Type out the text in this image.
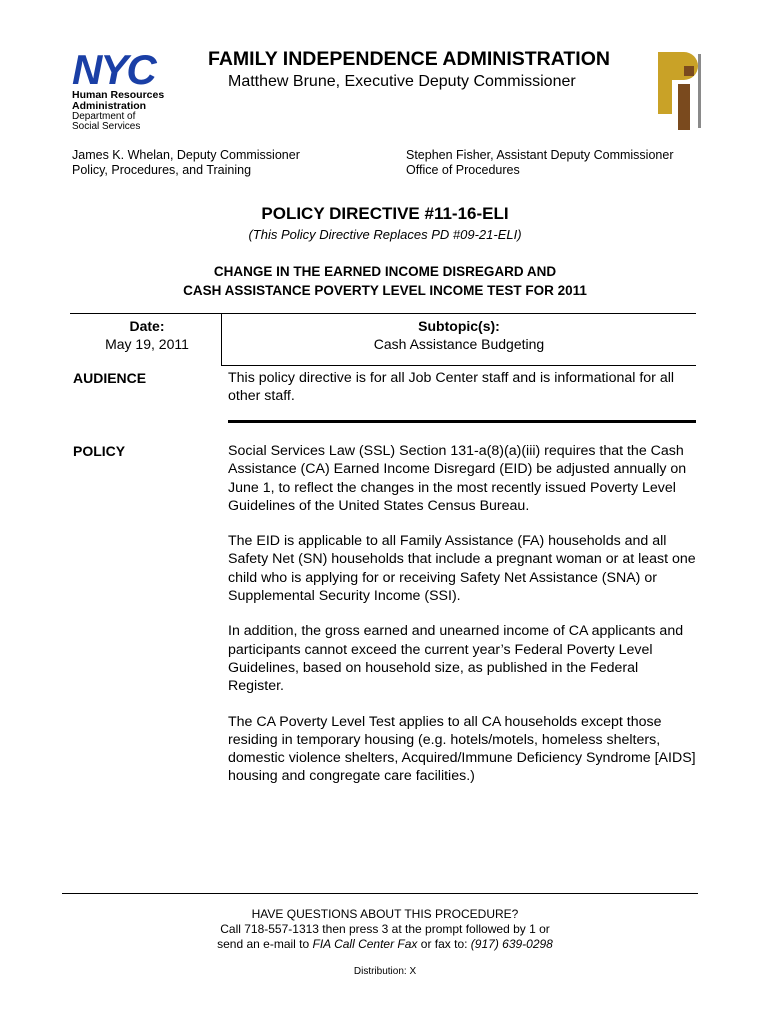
NYC
Human Resources
Administration
Department of
Social Services
FAMILY INDEPENDENCE ADMINISTRATION
Matthew Brune, Executive Deputy Commissioner
James K. Whelan, Deputy Commissioner
Policy, Procedures, and Training
Stephen Fisher, Assistant Deputy Commissioner
Office of Procedures
POLICY DIRECTIVE #11-16-ELI
(This Policy Directive Replaces PD #09-21-ELI)
CHANGE IN THE EARNED INCOME DISREGARD AND
CASH ASSISTANCE POVERTY LEVEL INCOME TEST FOR 2011
Date:
May 19, 2011
Subtopic(s):
Cash Assistance Budgeting
AUDIENCE	This policy directive is for all Job Center staff and is informational for all other staff.
POLICY	Social Services Law (SSL) Section 131-a(8)(a)(iii) requires that the Cash Assistance (CA) Earned Income Disregard (EID) be adjusted annually on June 1, to reflect the changes in the most recently issued Poverty Level Guidelines of the United States Census Bureau.

The EID is applicable to all Family Assistance (FA) households and all Safety Net (SN) households that include a pregnant woman or at least one child who is applying for or receiving Safety Net Assistance (SNA) or Supplemental Security Income (SSI).

In addition, the gross earned and unearned income of CA applicants and participants cannot exceed the current year’s Federal Poverty Level Guidelines, based on household size, as published in the Federal Register.

The CA Poverty Level Test applies to all CA households except those residing in temporary housing (e.g. hotels/motels, homeless shelters, domestic violence shelters, Acquired/Immune Deficiency Syndrome [AIDS] housing and congregate care facilities.)

HAVE QUESTIONS ABOUT THIS PROCEDURE?
Call 718-557-1313 then press 3 at the prompt followed by 1 or
send an e-mail to FIA Call Center Fax or fax to: (917) 639-0298
Distribution: X
